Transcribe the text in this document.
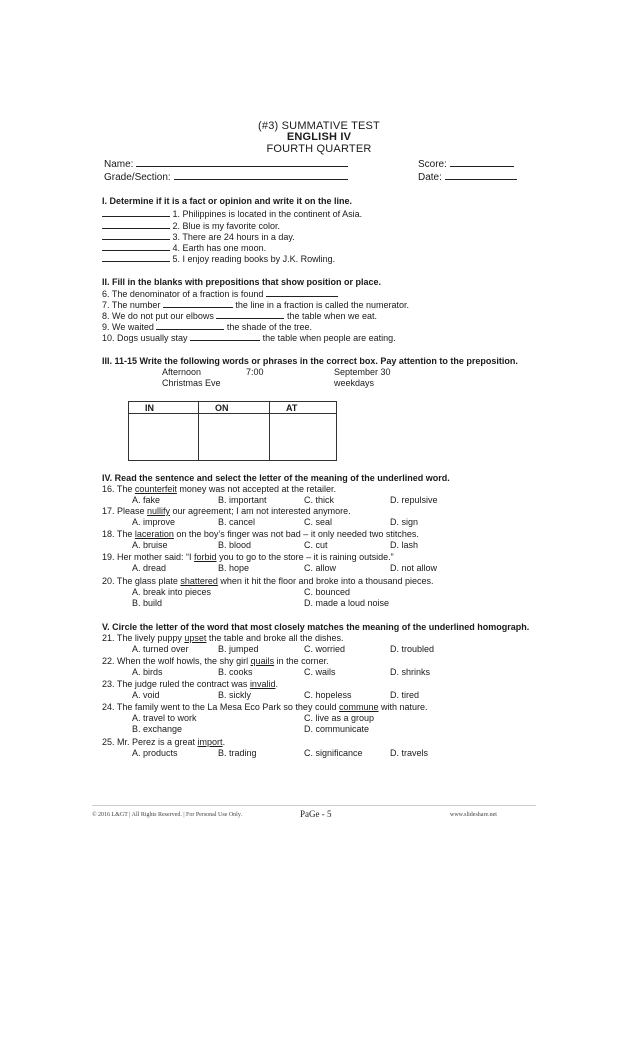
(#3) SUMMATIVE TEST
ENGLISH IV
FOURTH QUARTER
Name:
Grade/Section:
Score:
Date:
I. Determine if it is a fact or opinion and write it on the line.
1. Philippines is located in the continent of Asia.
2. Blue is my favorite color.
3. There are 24 hours in a day.
4. Earth has one moon.
5. I enjoy reading books by J.K. Rowling.
II. Fill in the blanks with prepositions that show position or place.
6. The denominator of a fraction is found
7. The number	the line in a fraction is called the numerator.
8. We do not put our elbows	the table when we eat.
9. We waited	the shade of the tree.
10. Dogs usually stay	the table when people are eating.
III. 11-15 Write the following words or phrases in the correct box. Pay attention to the preposition.
Afternoon	7:00	September 30
Christmas Eve	weekdays
IN	ON	AT

IV. Read the sentence and select the letter of the meaning of the underlined word.
16. The counterfeit money was not accepted at the retailer.
A. fake	B. important	C. thick	D. repulsive
17. Please nullify our agreement; I am not interested anymore.
A. improve	B. cancel	C. seal	D. sign
18. The laceration on the boy’s finger was not bad – it only needed two stitches.
A. bruise	B. blood	C. cut	D. lash
19. Her mother said: “I forbid you to go to the store – it is raining outside.”
A. dread	B. hope	C. allow	D. not allow
20. The glass plate shattered when it hit the floor and broke into a thousand pieces.
A. break into pieces	C. bounced
B. build	D. made a loud noise
V. Circle the letter of the word that most closely matches the meaning of the underlined homograph.
21. The lively puppy upset the table and broke all the dishes.
A. turned over	B. jumped	C. worried	D. troubled
22. When the wolf howls, the shy girl quails in the corner.
A. birds	B. cooks	C. wails	D. shrinks
23. The judge ruled the contract was invalid.
A. void	B. sickly	C. hopeless	D. tired
24. The family went to the La Mesa Eco Park so they could commune with nature.
A. travel to work	C. live as a group
B. exchange	D. communicate
25. Mr. Perez is a great import.
A. products	B. trading	C. significance	D. travels
© 2016 L&GT | All Rights Reserved. | For Personal Use Only.	PaGe - 5	www.slideshare.net
